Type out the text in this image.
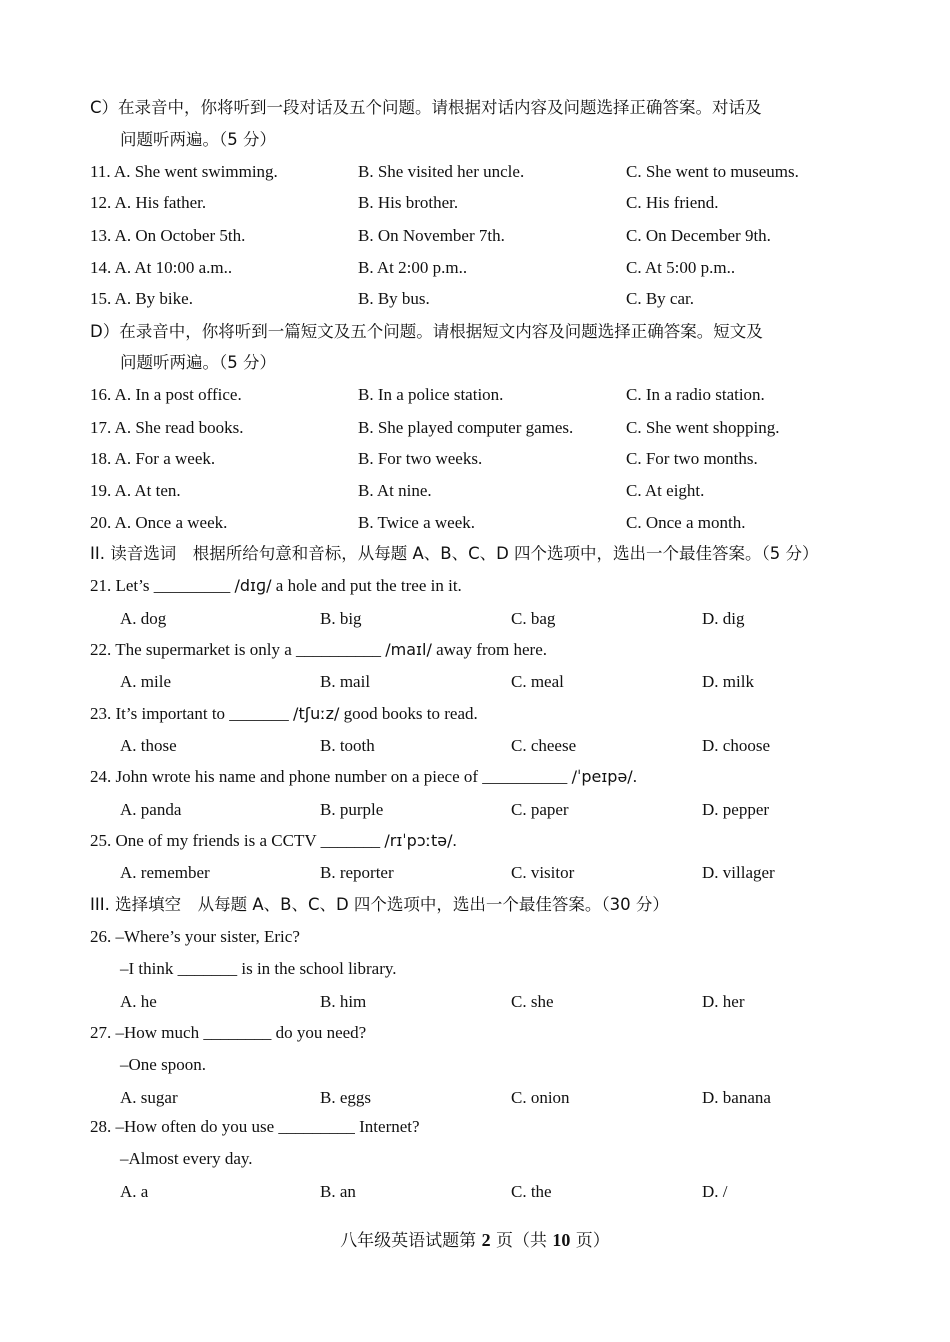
C）在录音中，你将听到一段对话及五个问题。请根据对话内容及问题选择正确答案。对话及
问题听两遍。（5 分）
11. A. She went swimming.	B. She visited her uncle.	C. She went to museums.
12. A. His father.	B. His brother.	C. His friend.
13. A. On October 5th.	B. On November 7th.	C. On December 9th.
14. A. At 10:00 a.m..	B. At 2:00 p.m..	C. At 5:00 p.m..
15. A. By bike.	B. By bus.	C. By car.
D）在录音中，你将听到一篇短文及五个问题。请根据短文内容及问题选择正确答案。短文及
问题听两遍。（5 分）
16. A. In a post office.	B. In a police station.	C. In a radio station.
17. A. She read books.	B. She played computer games.	C. She went shopping.
18. A. For a week.	B. For two weeks.	C. For two months.
19. A. At ten.	B. At nine.	C. At eight.
20. A. Once a week.	B. Twice a week.	C. Once a month.
II. 读音选词　根据所给句意和音标，从每题 A、B、C、D 四个选项中，选出一个最佳答案。（5 分）
21. Let’s _________ /dɪɡ/ a hole and put the tree in it.
A. dog	B. big	C. bag	D. dig
22. The supermarket is only a __________ /maɪl/ away from here.
A. mile	B. mail	C. meal	D. milk
23. It’s important to _______ /tʃuːz/ good books to read.
A. those	B. tooth	C. cheese	D. choose
24. John wrote his name and phone number on a piece of __________ /ˈpeɪpə/.
A. panda	B. purple	C. paper	D. pepper
25. One of my friends is a CCTV _______ /rɪˈpɔːtə/.
A. remember	B. reporter	C. visitor	D. villager
III. 选择填空　从每题 A、B、C、D 四个选项中，选出一个最佳答案。（30 分）
26. –Where’s your sister, Eric?
–I think _______ is in the school library.
A. he	B. him	C. she	D. her
27. –How much ________ do you need?
–One spoon.
A. sugar	B. eggs	C. onion	D. banana
28. –How often do you use _________ Internet?
–Almost every day.
A. a	B. an	C. the	D. /
八年级英语试题第 2 页（共 10 页）
